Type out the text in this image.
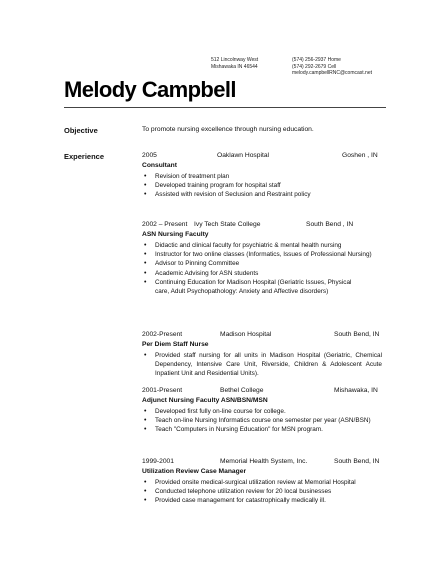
512 Lincolnway West
Mishawaka IN 46544
(574) 256-2937 Home
(574) 292-2679 Cell
melody.campbellRNC@comcast.net
Melody Campbell
Objective	To promote nursing excellence through nursing education.
Experience	2005	Oaklawn Hospital	Goshen , IN
Consultant
• Revision of treatment plan
• Developed training program for hospital staff
• Assisted with revision of Seclusion and Restraint policy
2002 – Present Ivy Tech State College	South Bend , IN
ASN Nursing Faculty
• Didactic and clinical faculty for psychiatric & mental health nursing
• Instructor for two online classes (Informatics, Issues of Professional Nursing)
• Advisor to Pinning Committee
• Academic Advising for ASN students
• Continuing Education for Madison Hospital (Geriatric Issues, Physical care, Adult Psychopathology: Anxiety and Affective disorders)
2002-Present	Madison Hospital	South Bend, IN
Per Diem Staff Nurse
• Provided staff nursing for all units in Madison Hospital (Geriatric, Chemical Dependency, Intensive Care Unit, Riverside, Children & Adolescent Acute Inpatient Unit and Residential Units).
2001-Present	Bethel College	Mishawaka, IN
Adjunct Nursing Faculty ASN/BSN/MSN
• Developed first fully on-line course for college.
• Teach on-line Nursing Informatics course one semester per year (ASN/BSN)
• Teach "Computers in Nursing Education" for MSN program.
1999-2001	Memorial Health System, Inc.	South Bend, IN
Utilization Review Case Manager
• Provided onsite medical-surgical utilization review at Memorial Hospital
• Conducted telephone utilization review for 20 local businesses
• Provided case management for catastrophically medically ill.
